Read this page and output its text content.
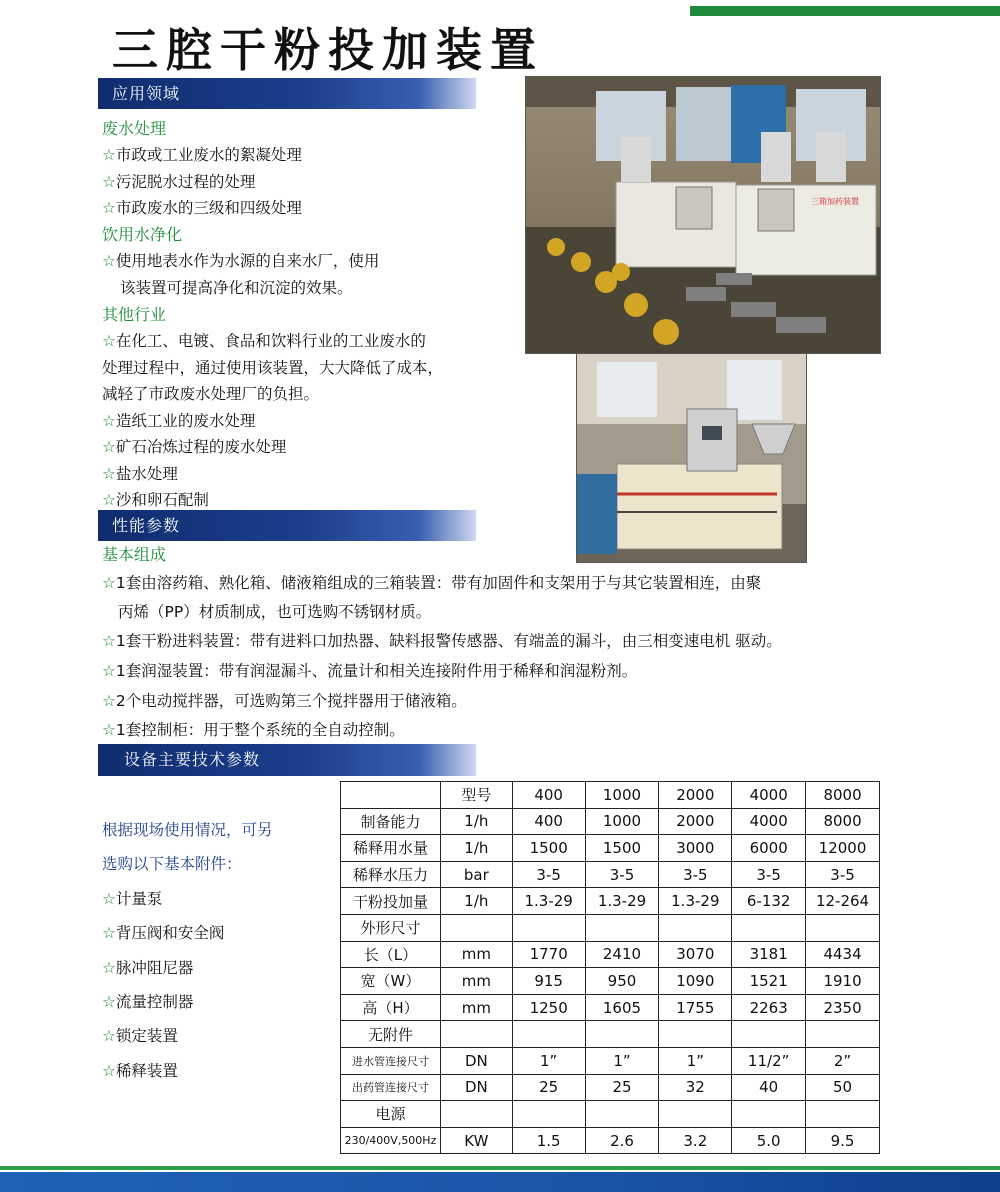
三腔干粉投加装置
应用领域
废水处理
☆市政或工业废水的絮凝处理
☆污泥脱水过程的处理
☆市政废水的三级和四级处理
饮用水净化
☆使用地表水作为水源的自来水厂，使用
该装置可提高净化和沉淀的效果。
其他行业
☆在化工、电镀、食品和饮料行业的工业废水的
处理过程中，通过使用该装置，大大降低了成本，
减轻了市政废水处理厂的负担。
☆造纸工业的废水处理
☆矿石冶炼过程的废水处理
☆盐水处理
☆沙和卵石配制
三箱加药装置
性能参数
基本组成
☆1套由溶药箱、熟化箱、储液箱组成的三箱装置：带有加固件和支架用于与其它装置相连，由聚
丙烯（PP）材质制成，也可选购不锈钢材质。
☆1套干粉进料装置：带有进料口加热器、缺料报警传感器、有端盖的漏斗，由三相变速电机 驱动。
☆1套润湿装置：带有润湿漏斗、流量计和相关连接附件用于稀释和润湿粉剂。
☆2个电动搅拌器，可选购第三个搅拌器用于储液箱。
☆1套控制柜：用于整个系统的全自动控制。
设备主要技术参数
根据现场使用情况，可另
选购以下基本附件：
☆计量泵
☆背压阀和安全阀
☆脉冲阻尼器
☆流量控制器
☆锁定装置
☆稀释装置
	型号	400	1000	2000	4000	8000
制备能力	1/h	400	1000	2000	4000	8000
稀释用水量	1/h	1500	1500	3000	6000	12000
稀释水压力	bar	3-5	3-5	3-5	3-5	3-5
干粉投加量	1/h	1.3-29	1.3-29	1.3-29	6-132	12-264
外形尺寸						
长（L）	mm	1770	2410	3070	3181	4434
宽（W）	mm	915	950	1090	1521	1910
高（H）	mm	1250	1605	1755	2263	2350
无附件						
进水管连接尺寸	DN	1”	1”	1”	11/2”	2”
出药管连接尺寸	DN	25	25	32	40	50
电源						
230/400V,500Hz	KW	1.5	2.6	3.2	5.0	9.5
